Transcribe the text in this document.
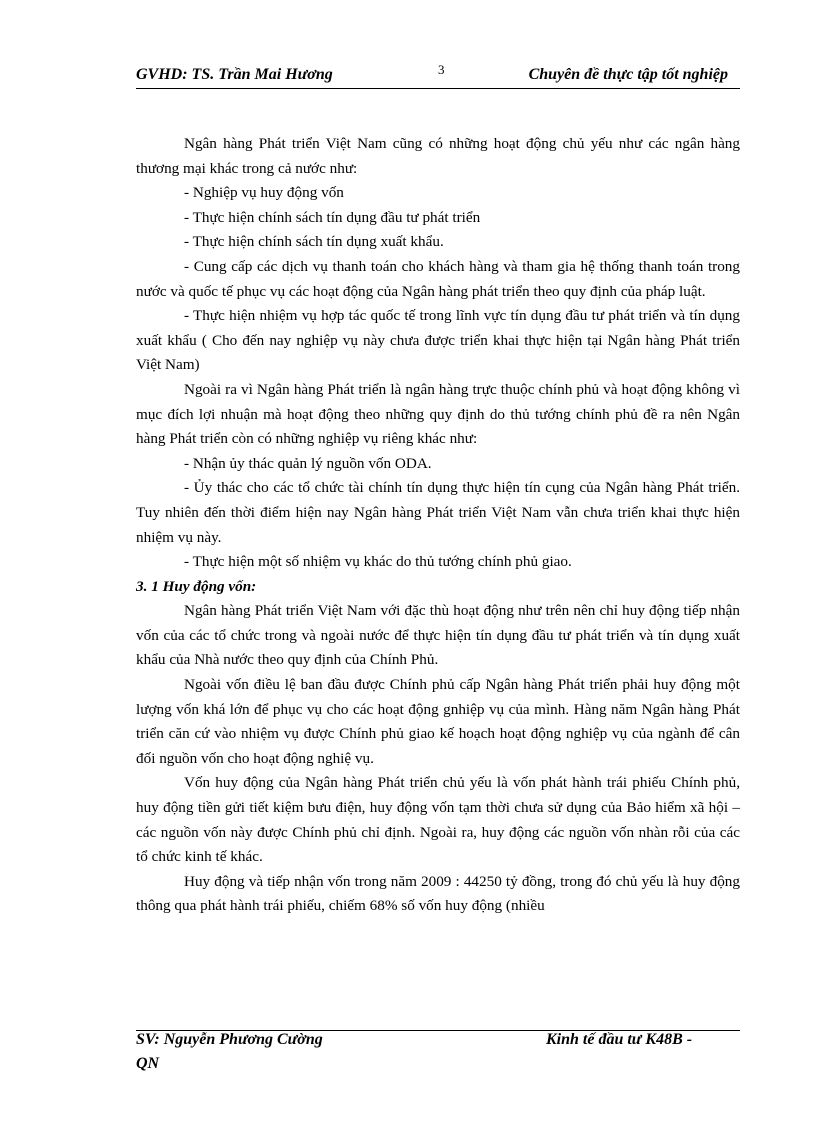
GVHD: TS. Trần Mai Hương	3	Chuyên đề thực tập tốt nghiệp

Ngân hàng Phát triển Việt Nam cũng có những hoạt động chủ yếu như các ngân hàng thương mại khác trong cả nước như:

- Nghiệp vụ huy động vốn

- Thực hiện chính sách tín dụng đầu tư phát triển

- Thực hiện chính sách tín dụng xuất khẩu.

- Cung cấp các dịch vụ thanh toán cho khách hàng và tham gia hệ thống thanh toán trong nước và quốc tế phục vụ các hoạt động của Ngân hàng phát triển theo quy định của pháp luật.

- Thực hiện nhiệm vụ hợp tác quốc tế trong lĩnh vực tín dụng đầu tư phát triển và tín dụng xuất khẩu ( Cho đến nay nghiệp vụ này chưa được triển khai thực hiện tại Ngân hàng Phát triển Việt Nam)

Ngoài ra vì Ngân hàng Phát triển là ngân hàng trực thuộc chính phủ và hoạt động không vì mục đích lợi nhuận mà hoạt động theo những quy định do thủ tướng chính phủ đề ra nên Ngân hàng Phát triển còn có những nghiệp vụ riêng khác như:

- Nhận ủy thác quản lý nguồn vốn ODA.

- Ủy thác cho các tổ chức tài chính tín dụng thực hiện tín cụng của Ngân hàng Phát triển. Tuy nhiên đến thời điểm hiện nay Ngân hàng Phát triển Việt Nam vẫn chưa triển khai thực hiện nhiệm vụ này.

- Thực hiện một số nhiệm vụ khác do thủ tướng chính phủ giao.

3. 1 Huy động vốn:

Ngân hàng Phát triển Việt Nam với đặc thù hoạt động như trên nên chỉ huy động tiếp nhận vốn của các tổ chức trong và ngoài nước để thực hiện tín dụng đầu tư phát triển và tín dụng xuất khẩu của Nhà nước theo quy định của Chính Phủ.

Ngoài vốn điều lệ ban đầu được Chính phủ cấp Ngân hàng Phát triển phải huy động một lượng vốn khá lớn để phục vụ cho các hoạt động gnhiệp vụ của mình. Hàng năm Ngân hàng Phát triển căn cứ vào nhiệm vụ được Chính phủ giao kế hoạch hoạt động nghiệp vụ của ngành để cân đối nguồn vốn cho hoạt động nghiệ vụ.

Vốn huy động của Ngân hàng Phát triển chủ yếu là vốn phát hành trái phiếu Chính phủ, huy động tiền gửi tiết kiệm bưu điện, huy động vốn tạm thời chưa sử dụng của Bảo hiểm xã hội – các nguồn vốn này được Chính phủ chỉ định. Ngoài ra, huy động các nguồn vốn nhàn rỗi của các tổ chức kinh tế khác.

Huy động và tiếp nhận vốn trong năm 2009 : 44250 tỷ đồng, trong đó chủ yếu là huy động thông qua phát hành trái phiếu, chiếm 68% số vốn huy động (nhiều

SV: Nguyễn Phương Cường	Kinh tế đầu tư K48B -
QN
